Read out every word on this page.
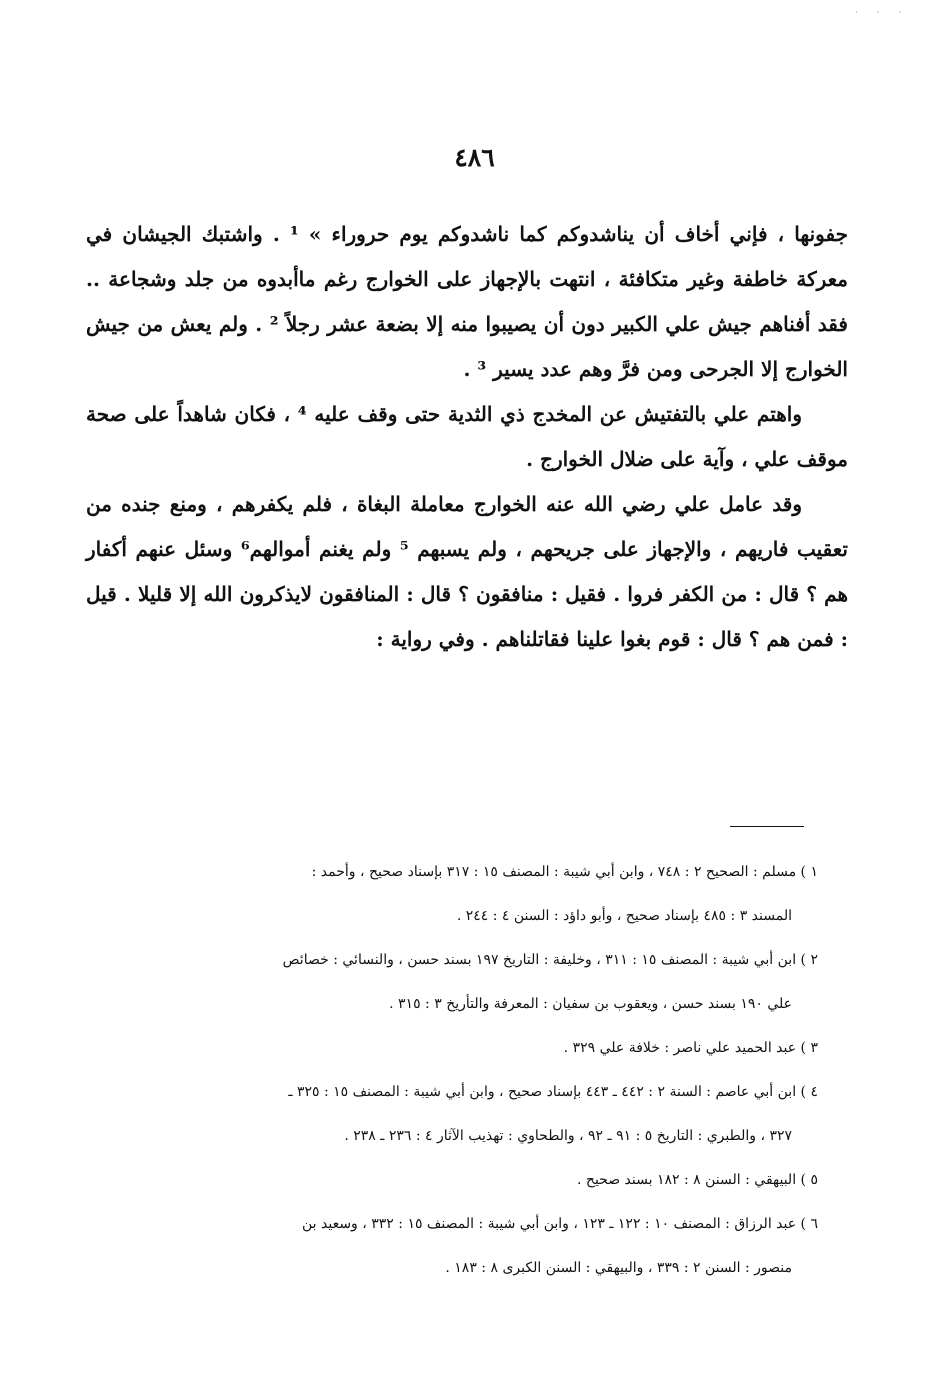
· · ·
٤٨٦

جفونها ، فإني أخاف أن يناشدوكم كما ناشدوكم يوم حروراء » ¹ . واشتبك الجيشان في معركة خاطفة وغير متكافئة ، انتهت بالإجهاز على الخوارج رغم ماأبدوه من جلد وشجاعة .. فقد أفناهم جيش علي الكبير دون أن يصيبوا منه إلا بضعة عشر رجلاً ² . ولم يعش من جيش الخوارج إلا الجرحى ومن فرَّ وهم عدد يسير ³ .

واهتم علي بالتفتيش عن المخدج ذي الثدية حتى وقف عليه ⁴ ، فكان شاهداً على صحة موقف علي ، وآية على ضلال الخوارج .

وقد عامل علي رضي الله عنه الخوارج معاملة البغاة ، فلم يكفرهم ، ومنع جنده من تعقيب فاريهم ، والإجهاز على جريحهم ، ولم يسبهم ⁵ ولم يغنم أموالهم⁶ وسئل عنهم أكفار هم ؟ قال : من الكفر فروا . فقيل : منافقون ؟ قال : المنافقون لايذكرون الله إلا قليلا . قيل : فمن هم ؟ قال : قوم بغوا علينا فقاتلناهم . وفي رواية :

١ ) مسلم : الصحيح ٢ : ٧٤٨ ، وابن أبي شيبة : المصنف ١٥ : ٣١٧ بإسناد صحيح ، وأحمد :
المسند ٣ : ٤٨٥ بإسناد صحيح ، وأبو داؤد : السنن ٤ : ٢٤٤ .
٢ ) ابن أبي شيبة : المصنف ١٥ : ٣١١ ، وخليفة : التاريخ ١٩٧ بسند حسن ، والنسائي : خصائص
علي ١٩٠ بسند حسن ، ويعقوب بن سفيان : المعرفة والتأريخ ٣ : ٣١٥ .
٣ ) عبد الحميد علي ناصر : خلافة علي ٣٢٩ .
٤ ) ابن أبي عاصم : السنة ٢ : ٤٤٢ ـ ٤٤٣ بإسناد صحيح ، وابن أبي شيبة : المصنف ١٥ : ٣٢٥ ـ
٣٢٧ ، والطبري : التاريخ ٥ : ٩١ ـ ٩٢ ، والطحاوي : تهذيب الآثار ٤ : ٢٣٦ ـ ٢٣٨ .
٥ ) البيهقي : السنن ٨ : ١٨٢ بسند صحيح .
٦ ) عبد الرزاق : المصنف ١٠ : ١٢٢ ـ ١٢٣ ، وابن أبي شيبة : المصنف ١٥ : ٣٣٢ ، وسعيد بن
منصور : السنن ٢ : ٣٣٩ ، والبيهقي : السنن الكبرى ٨ : ١٨٣ .
